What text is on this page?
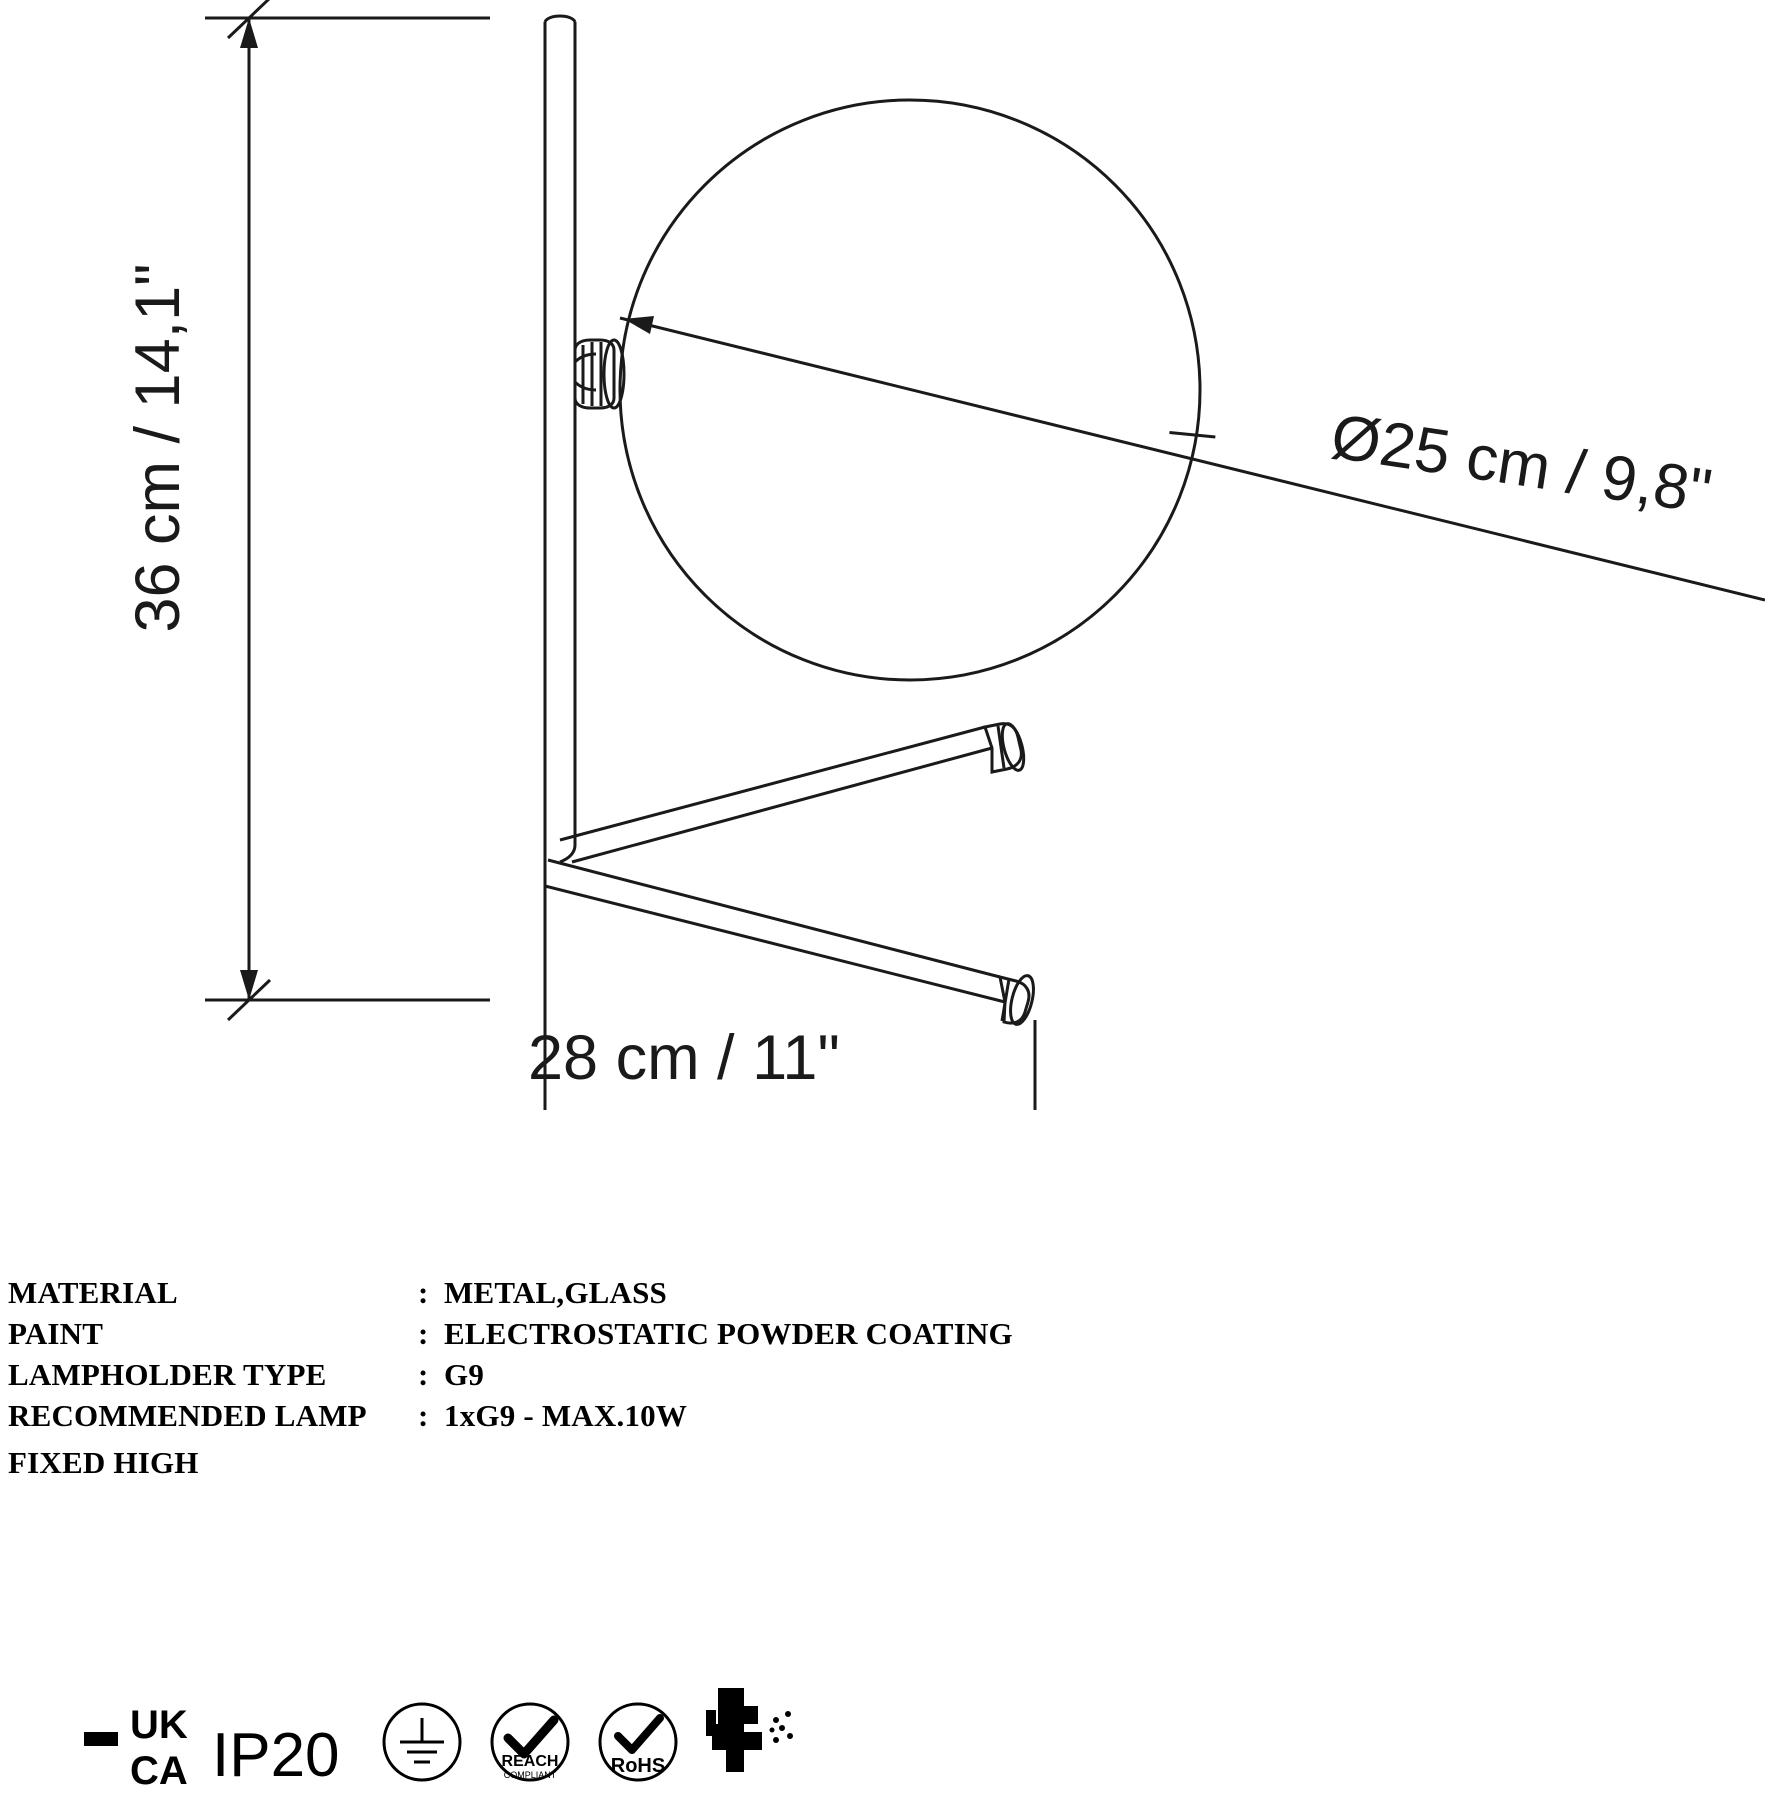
36 cm / 14,1"
28 cm / 11"
Ø25 cm / 9,8"
MATERIAL	: METAL,GLASS
PAINT	: ELECTROSTATIC POWDER COATING
LAMPHOLDER TYPE	: G9
RECOMMENDED LAMP	: 1xG9 - MAX.10W
FIXED HIGH
UK
CA IP20	REACH
COMPLIANT	RoHS
